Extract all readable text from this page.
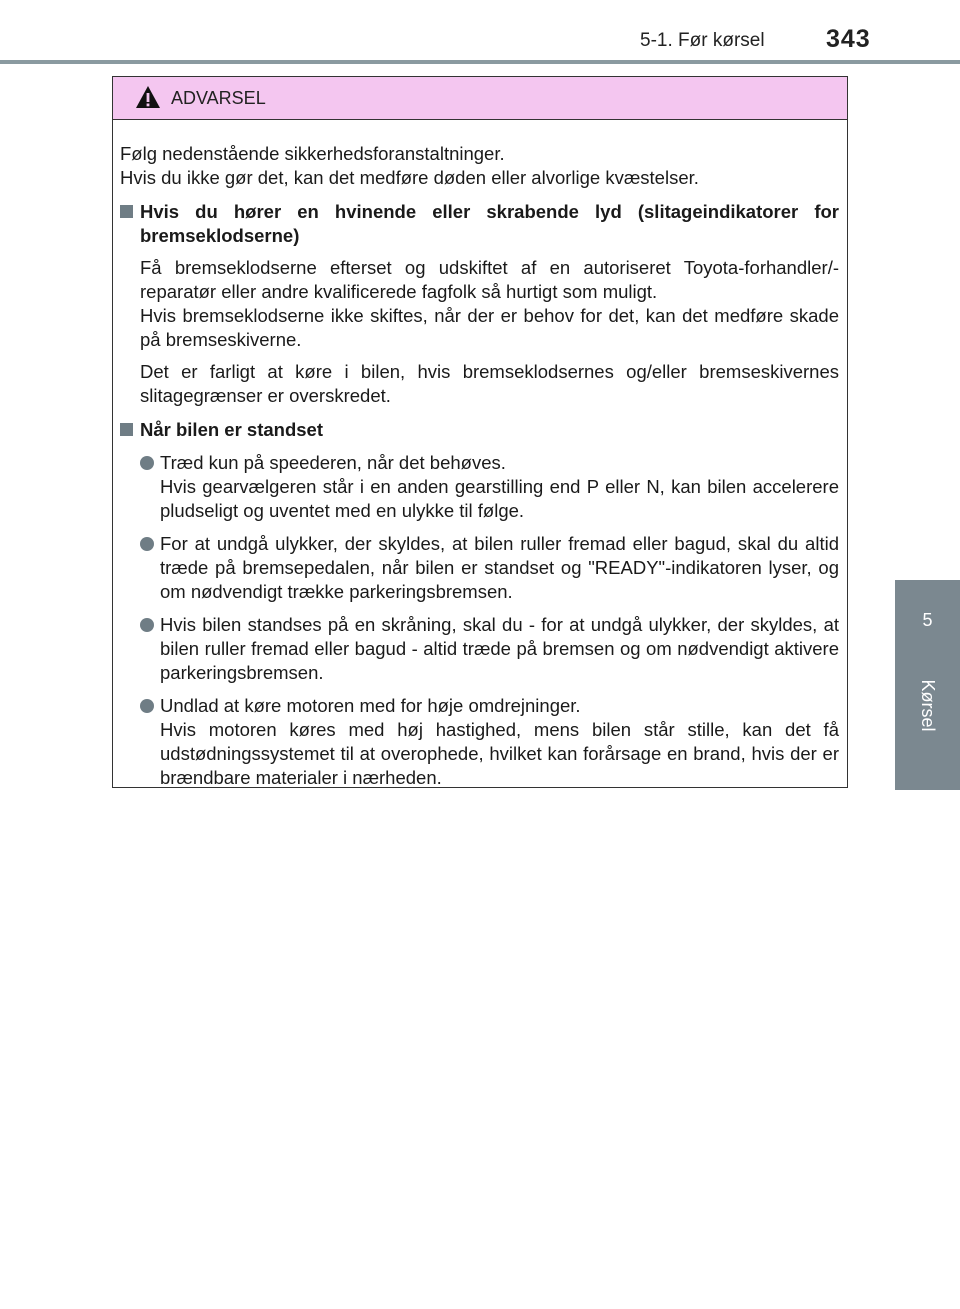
5-1. Før kørsel 343
5
Kørsel
ADVARSEL

Følg nedenstående sikkerhedsforanstaltninger.

Hvis du ikke gør det, kan det medføre døden eller alvorlige kvæstelser.

Hvis du hører en hvinende eller skrabende lyd (slitageindikatorer for bremseklodserne)

Få bremseklodserne efterset og udskiftet af en autoriseret Toyota-forhandler/-reparatør eller andre kvalificerede fagfolk så hurtigt som muligt.

Hvis bremseklodserne ikke skiftes, når der er behov for det, kan det medføre skade på bremseskiverne.

Det er farligt at køre i bilen, hvis bremseklodsernes og/eller bremseskivernes slitagegrænser er overskredet.

Når bilen er standset

Træd kun på speederen, når det behøves.

Hvis gearvælgeren står i en anden gearstilling end P eller N, kan bilen accelerere pludseligt og uventet med en ulykke til følge.

For at undgå ulykker, der skyldes, at bilen ruller fremad eller bagud, skal du altid træde på bremsepedalen, når bilen er standset og "READY"-indikatoren lyser, og om nødvendigt trække parkeringsbremsen.

Hvis bilen standses på en skråning, skal du - for at undgå ulykker, der skyldes, at bilen ruller fremad eller bagud - altid træde på bremsen og om nødvendigt aktivere parkeringsbremsen.

Undlad at køre motoren med for høje omdrejninger.

Hvis motoren køres med høj hastighed, mens bilen står stille, kan det få udstødningssystemet til at overophede, hvilket kan forårsage en brand, hvis der er brændbare materialer i nærheden.
